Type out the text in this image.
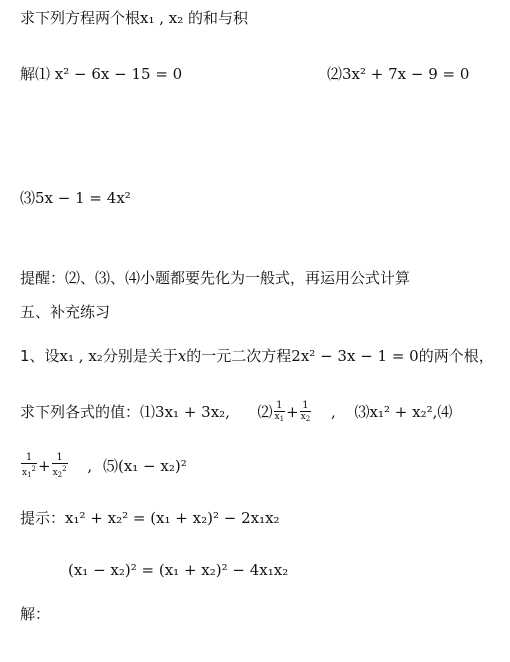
求下列方程两个根x₁ , x₂ 的和与积
解⑴ x² − 6x − 15 = 0	⑵3x² + 7x − 9 = 0
⑶5x − 1 = 4x²
提醒：⑵、⑶、⑷小题都要先化为一般式，再运用公式计算
五、补充练习
1、设x₁ , x₂分别是关于x的一元二次方程2x² − 3x − 1 = 0的两个根，
求下列各式的值：⑴3x₁ + 3x₂,  ⑵ $\frac{1}{x_1} + \frac{1}{x_2}$ , ⑶x₁² + x₂²,⑷
$\frac{1}{x_1^2} + \frac{1}{x_2^2}$ , ⑸(x₁ − x₂)²
提示：x₁² + x₂² = (x₁ + x₂)² − 2x₁x₂
(x₁ − x₂)² = (x₁ + x₂)² − 4x₁x₂
解：
